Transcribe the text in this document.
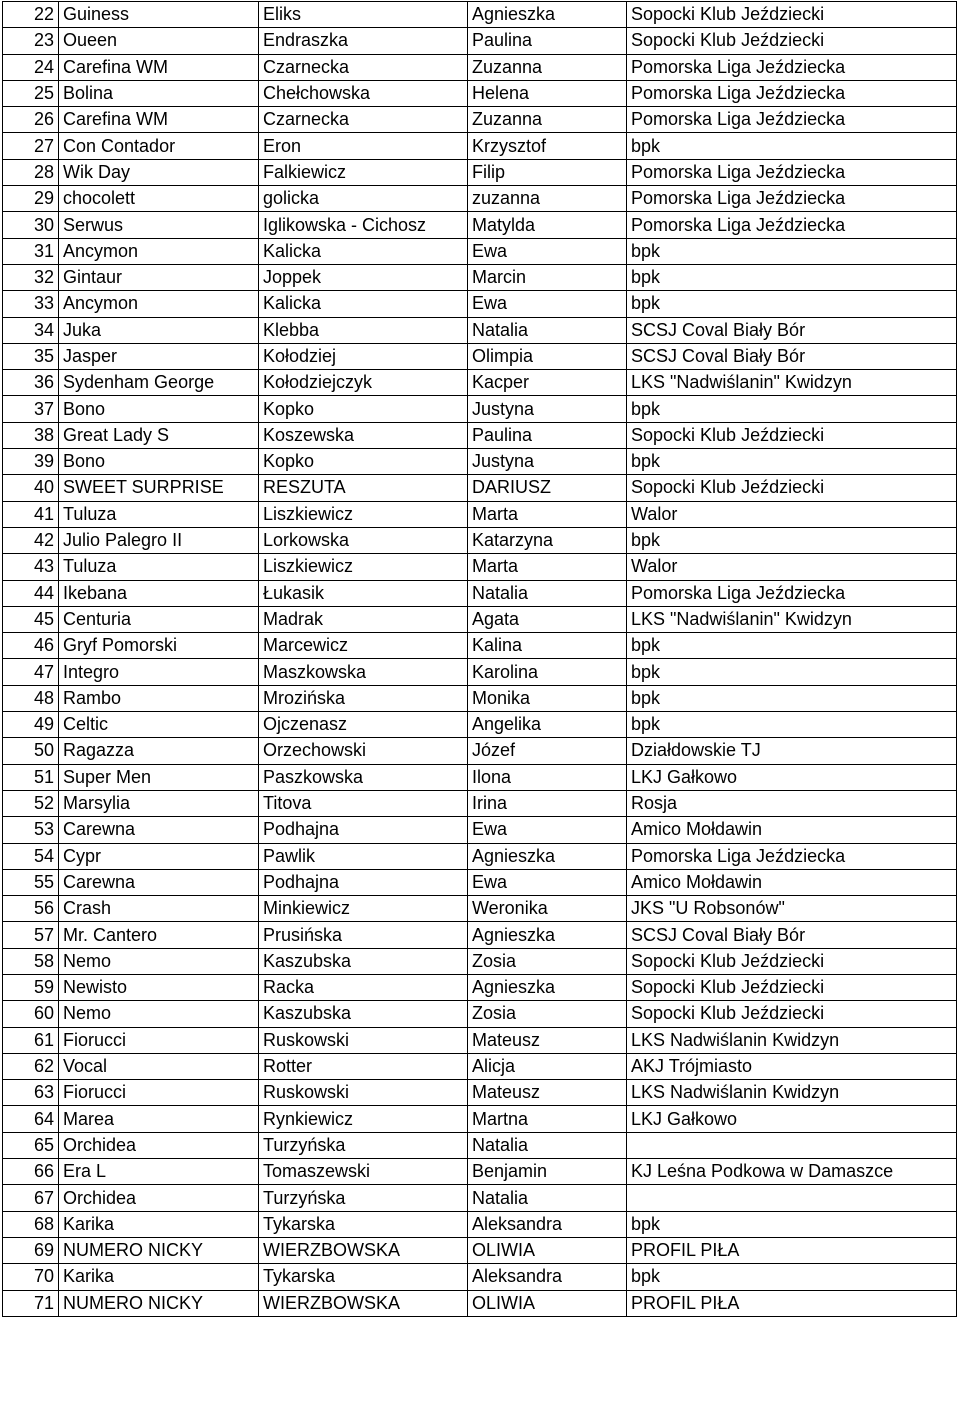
22	Guiness	Eliks	Agnieszka	Sopocki Klub Jeździecki
23	Oueen	Endraszka	Paulina	Sopocki Klub Jeździecki
24	Carefina WM	Czarnecka	Zuzanna	Pomorska Liga Jeździecka
25	Bolina	Chełchowska	Helena	Pomorska Liga Jeździecka
26	Carefina WM	Czarnecka	Zuzanna	Pomorska Liga Jeździecka
27	Con Contador	Eron	Krzysztof	bpk
28	Wik Day	Falkiewicz	Filip	Pomorska Liga Jeździecka
29	chocolett	golicka	zuzanna	Pomorska Liga Jeździecka
30	Serwus	Iglikowska - Cichosz	Matylda	Pomorska Liga Jeździecka
31	Ancymon	Kalicka	Ewa	bpk
32	Gintaur	Joppek	Marcin	bpk
33	Ancymon	Kalicka	Ewa	bpk
34	Juka	Klebba	Natalia	SCSJ Coval Biały Bór
35	Jasper	Kołodziej	Olimpia	SCSJ Coval Biały Bór
36	Sydenham George	Kołodziejczyk	Kacper	LKS "Nadwiślanin" Kwidzyn
37	Bono	Kopko	Justyna	bpk
38	Great Lady S	Koszewska	Paulina	Sopocki Klub Jeździecki
39	Bono	Kopko	Justyna	bpk
40	SWEET SURPRISE	RESZUTA	DARIUSZ	Sopocki Klub Jeździecki
41	Tuluza	Liszkiewicz	Marta	Walor
42	Julio Palegro II	Lorkowska	Katarzyna	bpk
43	Tuluza	Liszkiewicz	Marta	Walor
44	Ikebana	Łukasik	Natalia	Pomorska Liga Jeździecka
45	Centuria	Madrak	Agata	LKS "Nadwiślanin" Kwidzyn
46	Gryf Pomorski	Marcewicz	Kalina	bpk
47	Integro	Maszkowska	Karolina	bpk
48	Rambo	Mrozińska	Monika	bpk
49	Celtic	Ojczenasz	Angelika	bpk
50	Ragazza	Orzechowski	Józef	Działdowskie TJ
51	Super Men	Paszkowska	Ilona	LKJ Gałkowo
52	Marsylia	Titova	Irina	Rosja
53	Carewna	Podhajna	Ewa	Amico Mołdawin
54	Cypr	Pawlik	Agnieszka	Pomorska Liga Jeździecka
55	Carewna	Podhajna	Ewa	Amico Mołdawin
56	Crash	Minkiewicz	Weronika	JKS "U Robsonów"
57	Mr. Cantero	Prusińska	Agnieszka	SCSJ Coval Biały Bór
58	Nemo	Kaszubska	Zosia	Sopocki Klub Jeździecki
59	Newisto	Racka	Agnieszka	Sopocki Klub Jeździecki
60	Nemo	Kaszubska	Zosia	Sopocki Klub Jeździecki
61	Fiorucci	Ruskowski	Mateusz	LKS Nadwiślanin Kwidzyn
62	Vocal	Rotter	Alicja	AKJ Trójmiasto
63	Fiorucci	Ruskowski	Mateusz	LKS Nadwiślanin Kwidzyn
64	Marea	Rynkiewicz	Martna	LKJ Gałkowo
65	Orchidea	Turzyńska	Natalia	
66	Era L	Tomaszewski	Benjamin	KJ Leśna Podkowa w Damaszce
67	Orchidea	Turzyńska	Natalia	
68	Karika	Tykarska	Aleksandra	bpk
69	NUMERO NICKY	WIERZBOWSKA	OLIWIA	PROFIL PIŁA
70	Karika	Tykarska	Aleksandra	bpk
71	NUMERO NICKY	WIERZBOWSKA	OLIWIA	PROFIL PIŁA
